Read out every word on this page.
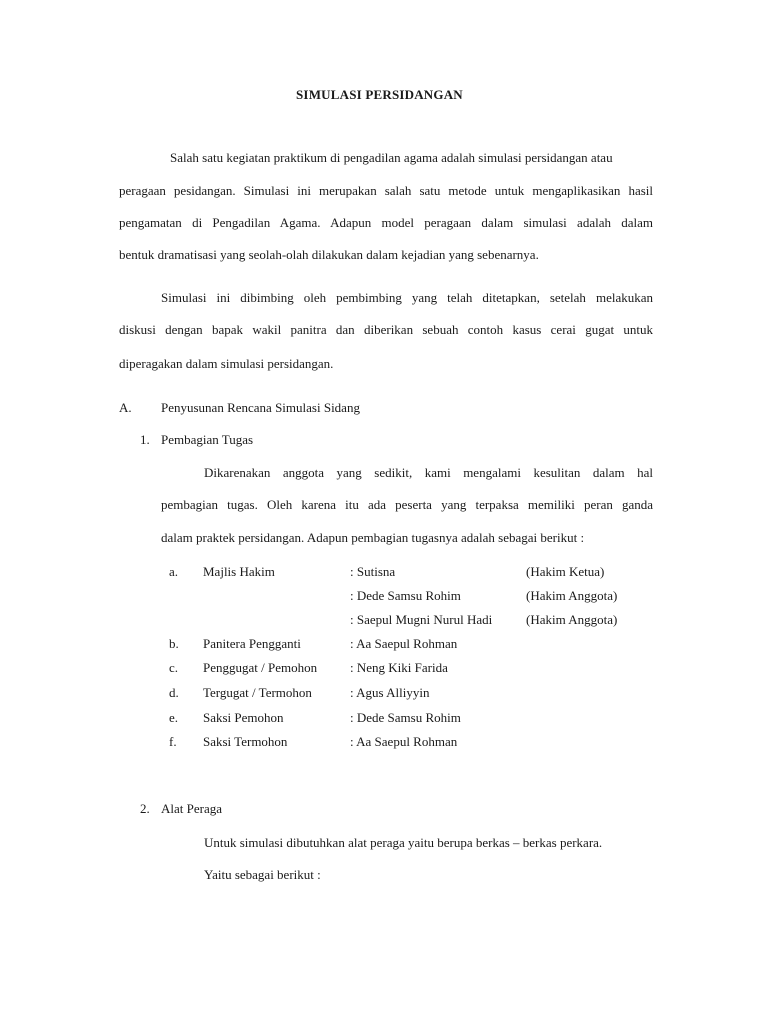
SIMULASI PERSIDANGAN
Salah satu kegiatan praktikum di pengadilan agama adalah simulasi persidangan atau
peragaan pesidangan. Simulasi ini merupakan salah satu metode untuk mengaplikasikan hasil
pengamatan di Pengadilan Agama. Adapun model peragaan dalam simulasi adalah dalam
bentuk dramatisasi yang seolah-olah dilakukan dalam kejadian yang sebenarnya.
Simulasi ini dibimbing oleh pembimbing yang telah ditetapkan, setelah melakukan
diskusi dengan bapak wakil panitra dan diberikan sebuah contoh kasus cerai gugat untuk
diperagakan dalam simulasi persidangan.
A. Penyusunan Rencana Simulasi Sidang
1. Pembagian Tugas
Dikarenakan anggota yang sedikit, kami mengalami kesulitan dalam hal
pembagian tugas. Oleh karena itu ada peserta yang terpaksa memiliki peran ganda
dalam praktek persidangan. Adapun pembagian tugasnya adalah sebagai berikut :
a. Majlis Hakim	: Sutisna	(Hakim Ketua)
: Dede Samsu Rohim	(Hakim Anggota)
: Saepul Mugni Nurul Hadi	(Hakim Anggota)
b. Panitera Pengganti	: Aa Saepul Rohman
c. Penggugat / Pemohon	: Neng Kiki Farida
d. Tergugat / Termohon	: Agus Alliyyin
e. Saksi Pemohon	: Dede Samsu Rohim
f. Saksi Termohon	: Aa Saepul Rohman
2. Alat Peraga
Untuk simulasi dibutuhkan alat peraga yaitu berupa berkas – berkas perkara.
Yaitu sebagai berikut :
